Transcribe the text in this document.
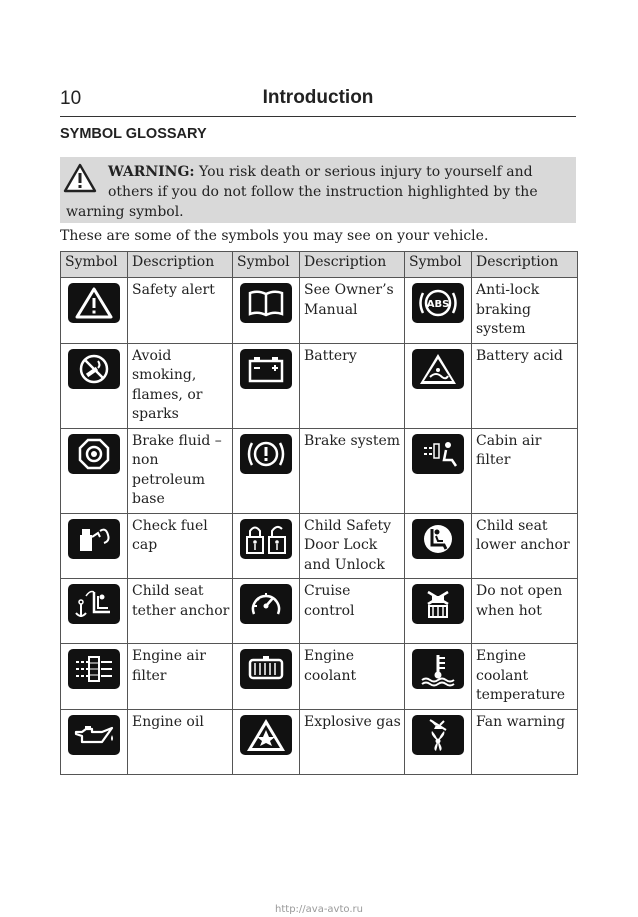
10	Introduction
SYMBOL GLOSSARY
WARNING: You risk death or serious injury to yourself and
others if you do not follow the instruction highlighted by the
warning symbol.
These are some of the symbols you may see on your vehicle.
Symbol	Description	Symbol	Description	Symbol	Description
	Safety alert		See Owner’s Manual	ABS	Anti-lock braking system
	Avoid smoking, flames, or sparks		Battery		Battery acid
	Brake fluid – non petroleum base		Brake system		Cabin air filter
	Check fuel cap		Child Safety Door Lock and Unlock		Child seat lower anchor
	Child seat tether anchor		Cruise control		Do not open when hot
	Engine air filter		Engine coolant		Engine coolant temperature
	Engine oil		Explosive gas		Fan warning
http://ava-avto.ru
